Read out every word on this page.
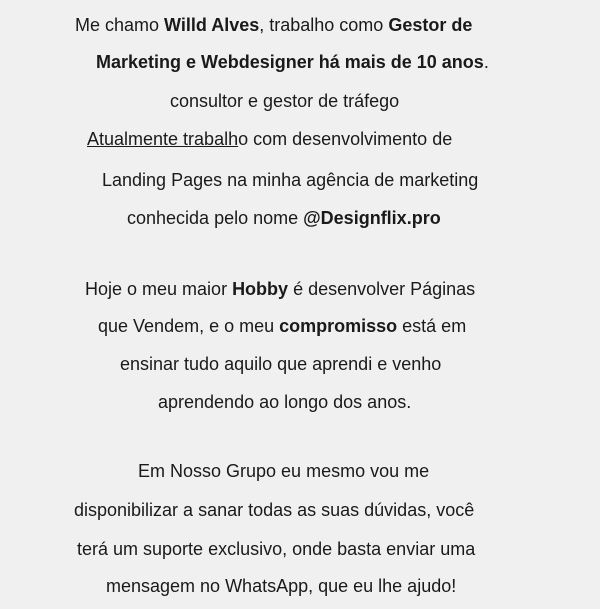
Me chamo Willd Alves, trabalho como Gestor de
Marketing e Webdesigner há mais de 10 anos.
consultor e gestor de tráfego
Atualmente trabalho com desenvolvimento de
Landing Pages na minha agência de marketing
conhecida pelo nome @Designflix.pro
Hoje o meu maior Hobby é desenvolver Páginas
que Vendem, e o meu compromisso está em
ensinar tudo aquilo que aprendi e venho
aprendendo ao longo dos anos.
Em Nosso Grupo eu mesmo vou me
disponibilizar a sanar todas as suas dúvidas, você
terá um suporte exclusivo, onde basta enviar uma
mensagem no WhatsApp, que eu lhe ajudo!
